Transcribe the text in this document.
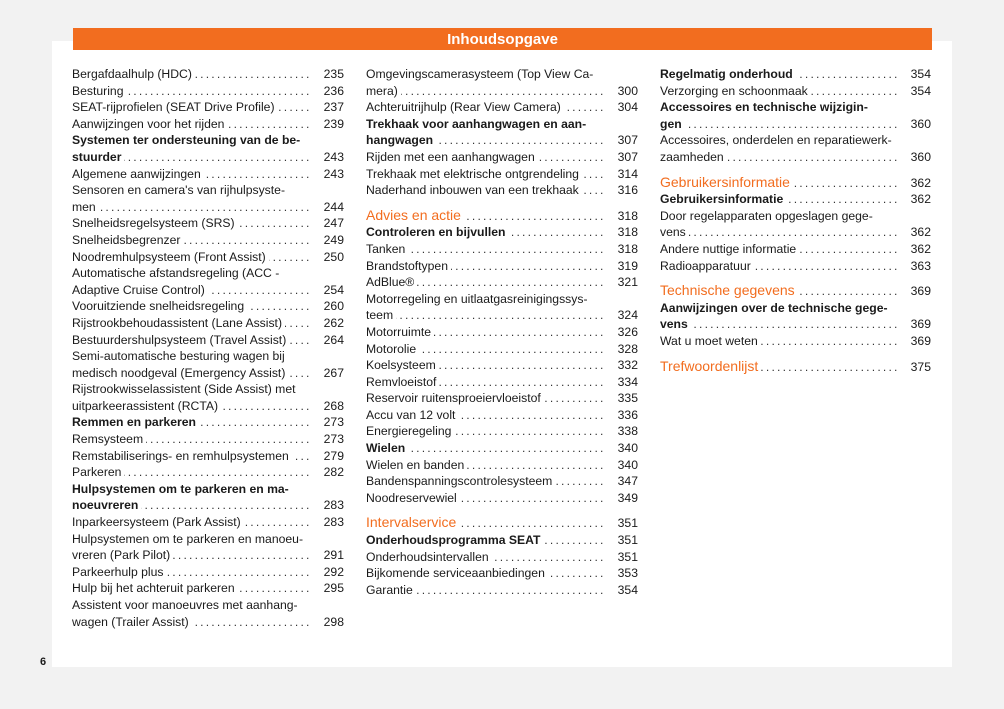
Inhoudsopgave
Bergafdaalhulp (HDC) . . .	235
Besturing . . .	236
SEAT-rijprofielen (SEAT Drive Profile) . . .	237
Aanwijzingen voor het rijden . . .	239
Systemen ter ondersteuning van de be-
stuurder . . .	243
Algemene aanwijzingen . . .	243
Sensoren en camera's van rijhulpsyste-
men . . .	244
Snelheidsregelsysteem (SRS) . . .	247
Snelheidsbegrenzer . . .	249
Noodremhulpsysteem (Front Assist) . . .	250
Automatische afstandsregeling (ACC -
Adaptive Cruise Control) . . .	254
Vooruitziende snelheidsregeling . . .	260
Rijstrookbehoudassistent (Lane Assist) . . .	262
Bestuurdershulpsysteem (Travel Assist) . . .	264
Semi-automatische besturing wagen bij
medisch noodgeval (Emergency Assist) . . .	267
Rijstrookwisselassistent (Side Assist) met
uitparkeerassistent (RCTA) . . .	268
Remmen en parkeren . . .	273
Remsysteem . . .	273
Remstabiliserings- en remhulpsystemen . . .	279
Parkeren . . .	282
Hulpsystemen om te parkeren en ma-
noeuvreren . . .	283
Inparkeersysteem (Park Assist) . . .	283
Hulpsystemen om te parkeren en manoeu-
vreren (Park Pilot) . . .	291
Parkeerhulp plus . . .	292
Hulp bij het achteruit parkeren . . .	295
Assistent voor manoeuvres met aanhang-
wagen (Trailer Assist) . . .	298
Omgevingscamerasysteem (Top View Ca-
mera) . . .	300
Achteruitrijhulp (Rear View Camera) . . .	304
Trekhaak voor aanhangwagen en aan-
hangwagen . . .	307
Rijden met een aanhangwagen . . .	307
Trekhaak met elektrische ontgrendeling . . .	314
Naderhand inbouwen van een trekhaak . . .	316
Advies en actie . . .	318
Controleren en bijvullen . . .	318
Tanken . . .	318
Brandstoftypen . . .	319
AdBlue® . . .	321
Motorregeling en uitlaatgasreinigingssys-
teem . . .	324
Motorruimte . . .	326
Motorolie . . .	328
Koelsysteem . . .	332
Remvloeistof . . .	334
Reservoir ruitensproeiervloeistof . . .	335
Accu van 12 volt . . .	336
Energieregeling . . .	338
Wielen . . .	340
Wielen en banden . . .	340
Bandenspanningscontrolesysteem . . .	347
Noodreservewiel . . .	349
Intervalservice . . .	351
Onderhoudsprogramma SEAT . . .	351
Onderhoudsintervallen . . .	351
Bijkomende serviceaanbiedingen . . .	353
Garantie . . .	354
Regelmatig onderhoud . . .	354
Verzorging en schoonmaak . . .	354
Accessoires en technische wijzigin-
gen . . .	360
Accessoires, onderdelen en reparatiewerk-
zaamheden . . .	360
Gebruikersinformatie . . .	362
Gebruikersinformatie . . .	362
Door regelapparaten opgeslagen gege-
vens . . .	362
Andere nuttige informatie . . .	362
Radioapparatuur . . .	363
Technische gegevens . . .	369
Aanwijzingen over de technische gege-
vens . . .	369
Wat u moet weten . . .	369
Trefwoordenlijst . . .	375
6
